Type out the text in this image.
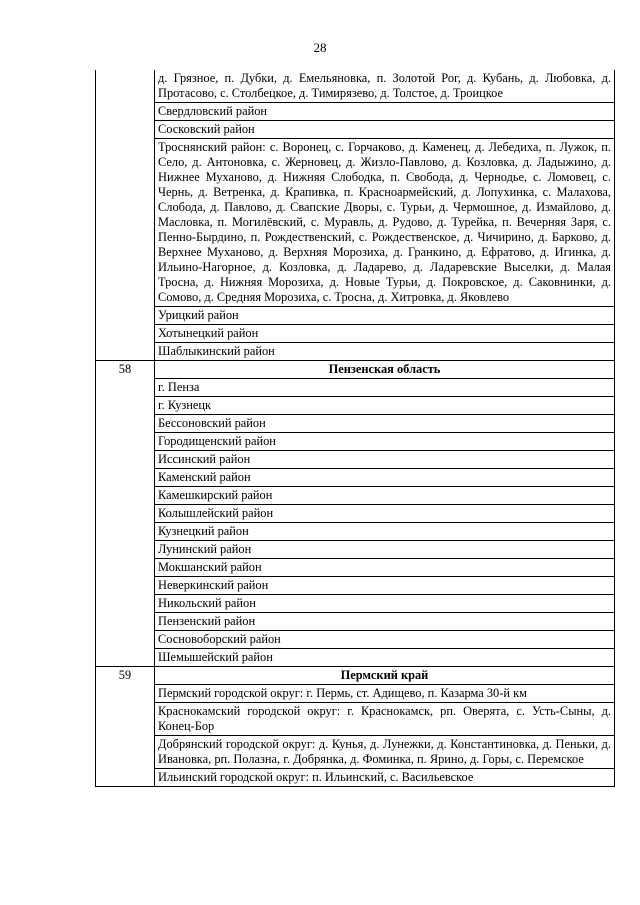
28
	д. Грязное, п. Дубки, д. Емельяновка, п. Золотой Рог, д. Кубань, д. Любовка, д. Протасово, с. Столбецкое, д. Тимирязево, д. Толстое, д. Троицкое
	Свердловский район
	Сосковский район
	Троснянский район: с. Воронец, с. Горчаково, д. Каменец, д. Лебедиха, п. Лужок, п. Село, д. Антоновка, с. Жерновец, д. Жизло-Павлово, д. Козловка, д. Ладыжино, д. Нижнее Муханово, д. Нижняя Слободка, п. Свобода, д. Чернодье, с. Ломовец, с. Чернь, д. Ветренка, д. Крапивка, п. Красноармейский, д. Лопухинка, с. Малахова, Слобода, д. Павлово, д. Свапские Дворы, с. Турьи, д. Чермошное, д. Измайлово, д. Масловка, п. Могилёвский, с. Муравль, д. Рудово, д. Турейка, п. Вечерняя Заря, с. Пенно-Бырдино, п. Рождественский, с. Рождественское, д. Чичирино, д. Барково, д. Верхнее Муханово, д. Верхняя Морозиха, д. Гранкино, д. Ефратово, д. Игинка, д. Ильино-Нагорное, д. Козловка, д. Ладарево, д. Ладаревские Выселки, д. Малая Тросна, д. Нижняя Морозиха, д. Новые Турьи, д. Покровское, д. Саковнинки, д. Сомово, д. Средняя Морозиха, с. Тросна, д. Хитровка, д. Яковлево
	Урицкий район
	Хотынецкий район
	Шаблыкинский район
58	Пензенская область
	г. Пенза
	г. Кузнецк
	Бессоновский район
	Городищенский район
	Иссинский район
	Каменский район
	Камешкирский район
	Колышлейский район
	Кузнецкий район
	Лунинский район
	Мокшанский район
	Неверкинский район
	Никольский район
	Пензенский район
	Сосновоборский район
	Шемышейский район
59	Пермский край
	Пермский городской округ: г. Пермь, ст. Адищево, п. Казарма 30-й км
	Краснокамский городской округ: г. Краснокамск, рп. Оверята, с. Усть-Сыны, д. Конец-Бор
	Добрянский городской округ: д. Кунья, д. Лунежки, д. Константиновка, д. Пеньки, д. Ивановка, рп. Полазна, г. Добрянка, д. Фоминка, п. Ярино, д. Горы, с. Перемское
	Ильинский городской округ: п. Ильинский, с. Васильевское
